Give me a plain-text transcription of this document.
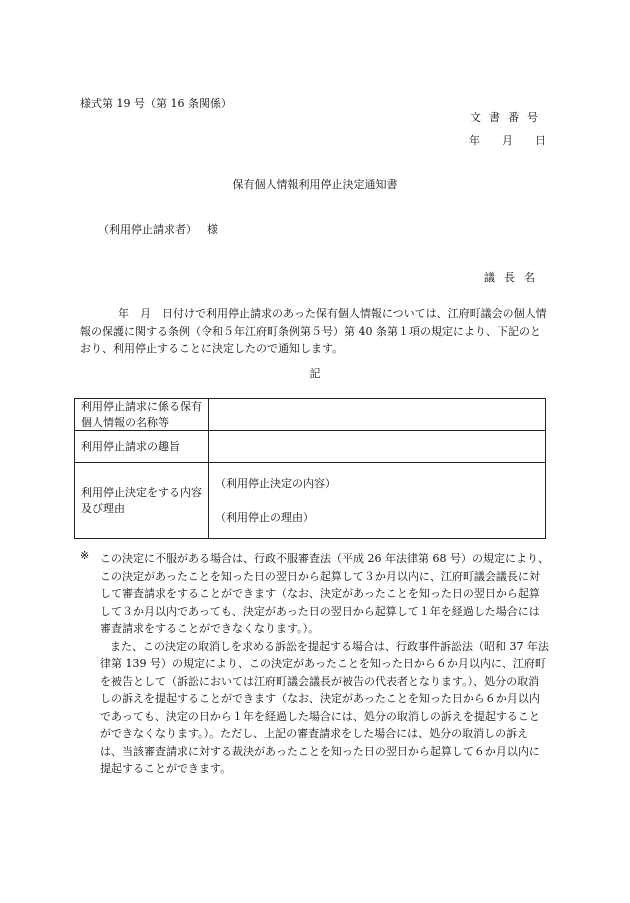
様式第 19 号（第 16 条関係）
文書番号
年 月 日
保有個人情報利用停止決定通知書
（利用停止請求者） 様
議長名
年　月　日付けで利用停止請求のあった保有個人情報については、江府町議会の個人情報の保護に関する条例（令和５年江府町条例第５号）第 40 条第１項の規定により、下記のとおり、利用停止することに決定したので通知します。
記
利用停止請求に係る保有個人情報の名称等	
利用停止請求の趣旨	
利用停止決定をする内容及び理由	（利用停止決定の内容）
（利用停止の理由）
※ この決定に不服がある場合は、行政不服審査法（平成 26 年法律第 68 号）の規定により、この決定があったことを知った日の翌日から起算して３か月以内に、江府町議会議長に対して審査請求をすることができます（なお、決定があったことを知った日の翌日から起算して３か月以内であっても、決定があった日の翌日から起算して１年を経過した場合には審査請求をすることができなくなります。）。

また、この決定の取消しを求める訴訟を提起する場合は、行政事件訴訟法（昭和 37 年法律第 139 号）の規定により、この決定があったことを知った日から６か月以内に、江府町を被告として（訴訟においては江府町議会議長が被告の代表者となります。）、処分の取消しの訴えを提起することができます（なお、決定があったことを知った日から６か月以内であっても、決定の日から１年を経過した場合には、処分の取消しの訴えを提起することができなくなります。）。ただし、上記の審査請求をした場合には、処分の取消しの訴えは、当該審査請求に対する裁決があったことを知った日の翌日から起算して６か月以内に提起することができます。
